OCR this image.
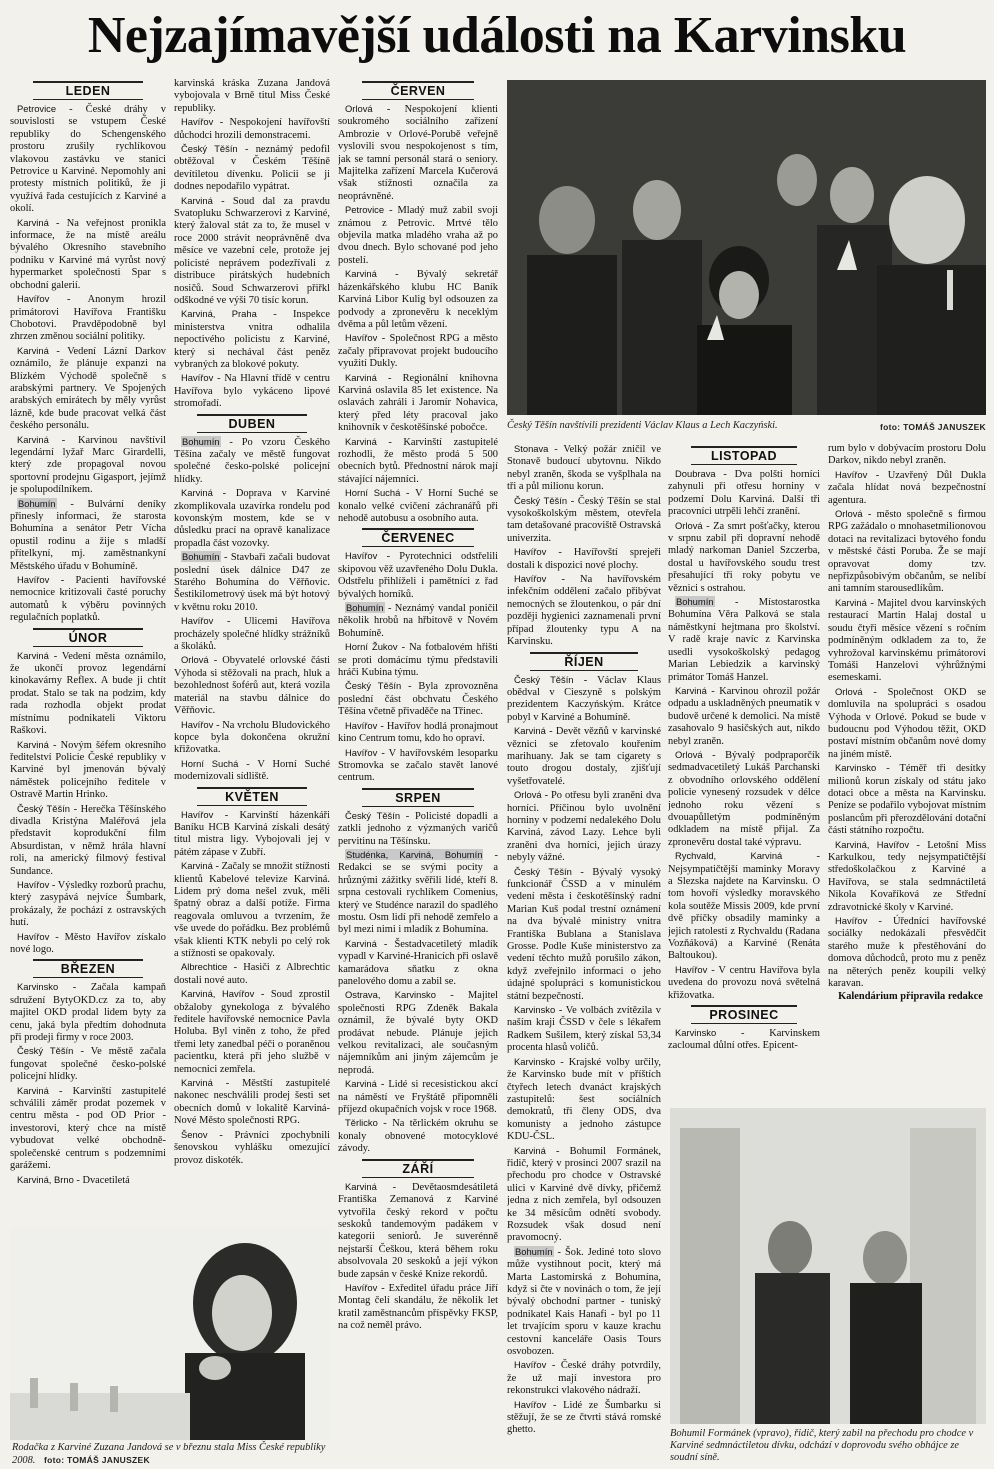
Nejzajímavější události na Karvinsku
LEDEN

Petrovice - České dráhy v souvislosti se vstupem České republiky do Schengenského prostoru zrušily rychlíkovou vlakovou zastávku ve stanici Petrovice u Karviné. Nepomohly ani protesty místních politiků, že ji využívá řada cestujících z Karviné a okolí.

Karviná - Na veřejnost pronikla informace, že na místě areálu bývalého Okresního stavebního podniku v Karviné má vyrůst nový hypermarket společnosti Spar s obchodní galerií.

Havířov - Anonym hrozil primátorovi Havířova Františku Chobotovi. Pravděpodobně byl zhrzen změnou sociální politiky.

Karviná - Vedení Lázní Darkov oznámilo, že plánuje expanzi na Blízkém Východě společně s arabskými partnery. Ve Spojených arabských emirátech by měly vyrůst lázně, kde bude pracovat velká část českého personálu.

Karviná - Karvinou navštívil legendární lyžař Marc Girardelli, který zde propagoval novou sportovní prodejnu Gigasport, jejímž je spolupodílníkem.

Bohumín - Bulvární deníky přinesly informaci, že starosta Bohumína a senátor Petr Vícha opustil rodinu a žije s mladší přítelkyní, mj. zaměstnankyní Městského úřadu v Bohumíně.

Havířov - Pacienti havířovské nemocnice kritizovali časté poruchy automatů k výběru povinných regulačních poplatků.

ÚNOR

Karviná - Vedení města oznámilo, že ukončí provoz legendární kinokavárny Reflex. A bude ji chtít prodat. Stalo se tak na podzim, kdy rada rozhodla objekt prodat místnímu podnikateli Viktoru Raškovi.

Karviná - Novým šéfem okresního ředitelství Policie České republiky v Karviné byl jmenován bývalý náměstek policejního ředitele v Ostravě Martin Hrinko.

Český Těšín - Herečka Těšínského divadla Kristýna Maléřová jela představit koprodukční film Absurdistan, v němž hrála hlavní roli, na americký filmový festival Sundance.

Havířov - Výsledky rozborů prachu, který zasypává nejvíce Šumbark, prokázaly, že pochází z ostravských hutí.

Havířov - Město Havířov získalo nové logo.

BŘEZEN

Karvinsko - Začala kampaň sdružení BytyOKD.cz za to, aby majitel OKD prodal lidem byty za cenu, jaká byla předtím dohodnuta při prodeji firmy v roce 2003.

Český Těšín - Ve městě začala fungovat společné česko-polské policejní hlídky.

Karviná - Karvinští zastupitelé schválili záměr prodat pozemek v centru města - pod OD Prior - investorovi, který chce na místě vybudovat velké obchodně-společenské centrum s podzemními garážemi.

Karviná, Brno - Dvacetiletá

karvinská kráska Zuzana Jandová vybojovala v Brně titul Miss České republiky.

Havířov - Nespokojení havířovští důchodci hrozili demonstracemi.

Český Těšín - neznámý pedofil obtěžoval v Českém Těšíně devítiletou dívenku. Policii se ji dodnes nepodařilo vypátrat.

Karviná - Soud dal za pravdu Svatopluku Schwarzerovi z Karviné, který žaloval stát za to, že musel v roce 2000 strávit neoprávněně dva měsíce ve vazební cele, protože jej policisté neprávem podezřívali z distribuce pirátských hudebních nosičů. Soud Schwarzerovi přiřkl odškodné ve výši 70 tisíc korun.

Karviná, Praha - Inspekce ministerstva vnitra odhalila nepoctivého policistu z Karviné, který si nechával část peněz vybraných za blokové pokuty.

Havířov - Na Hlavní třídě v centru Havířova bylo vykáceno lipové stromořadí.

DUBEN

Bohumín - Po vzoru Českého Těšína začaly ve městě fungovat společné česko-polské policejní hlídky.

Karviná - Doprava v Karviné zkomplikovala uzavírka rondelu pod kovonským mostem, kde se v důsledku prací na opravě kanalizace propadla část vozovky.

Bohumín - Stavbaři začali budovat poslední úsek dálnice D47 ze Starého Bohumína do Věřňovic. Šestikilometrový úsek má být hotový v květnu roku 2010.

Havířov - Ulicemi Havířova procházely společné hlídky strážníků a školáků.

Orlová - Obyvatelé orlovské části Výhoda si stěžovali na prach, hluk a bezohlednost šoférů aut, která vozila materiál na stavbu dálnice do Věřňovic.

Havířov - Na vrcholu Bludovického kopce byla dokončena okružní křižovatka.

Horní Suchá - V Horní Suché modernizovali sídliště.

KVĚTEN

Havířov - Karvinští házenkáři Baníku HCB Karviná získali desátý titul mistra ligy. Vybojovali jej v pátém zápase v Zubří.

Karviná - Začaly se množit stížnosti klientů Kabelové televize Karviná. Lidem prý doma nešel zvuk, měli špatný obraz a další potíže. Firma reagovala omluvou a tvrzením, že vše uvede do pořádku. Bez problémů však klienti KTK nebyli po celý rok a stížnosti se opakovaly.

Albrechtice - Hasiči z Albrechtic dostali nové auto.

Karviná, Havířov - Soud zprostil obžaloby gynekologa z bývalého ředitele havířovské nemocnice Pavla Holuba. Byl viněn z toho, že před třemi lety zanedbal péči o poraněnou pacientku, která při jeho službě v nemocnici zemřela.

Karviná - Městští zastupitelé nakonec neschválili prodej šesti set obecních domů v lokalitě Karviná-Nové Město společnosti RPG.

Šenov - Právníci zpochybnili šenovskou vyhlášku omezující provoz diskoték.

ČERVEN

Orlová - Nespokojení klienti soukromého sociálního zařízení Ambrozie v Orlové-Porubě veřejně vyslovili svou nespokojenost s tím, jak se tamní personál stará o seniory. Majitelka zařízení Marcela Kučerová však stížnosti označila za neoprávněné.

Petrovice - Mladý muž zabil svoji známou z Petrovic. Mrtvé tělo objevila matka mladého vraha až po dvou dnech. Bylo schované pod jeho postelí.

Karviná - Bývalý sekretář házenkářského klubu HC Baník Karviná Libor Kulig byl odsouzen za podvody a zpronevěru k neceklým dvěma a půl letům vězení.

Havířov - Společnost RPG a město začaly připravovat projekt budoucího využití Dukly.

Karviná - Regionální knihovna Karviná oslavila 85 let existence. Na oslavách zahráli i Jaromír Nohavica, který před léty pracoval jako knihovník v českotěšínské pobočce.

Karviná - Karvinští zastupitelé rozhodli, že město prodá 5 500 obecních bytů. Přednostní nárok mají stávající nájemníci.

Horní Suchá - V Horní Suché se konalo velké cvičení záchranářů při nehodě autobusu a osobního auta.

ČERVENEC

Havířov - Pyrotechnici odstřelili skipovou věž uzavřeného Dolu Dukla. Odstřelu přihlíželi i pamětníci z řad bývalých horníků.

Bohumín - Neznámý vandal poničil několik hrobů na hřbitově v Novém Bohumíně.

Horní Žukov - Na fotbalovém hřišti se proti domácímu týmu představili hráči Kubina týmu.

Český Těšín - Byla zprovozněna poslední část obchvatu Českého Těšína včetně přivaděče na Třinec.

Havířov - Havířov hodlá pronajmout kino Centrum tomu, kdo ho opraví.

Havířov - V havířovském lesoparku Stromovka se začalo stavět lanové centrum.

SRPEN

Český Těšín - Policisté dopadli a zatkli jednoho z výzmaných varičů pervitinu na Těšínsku.

Studénka, Karviná, Bohumín - Redakci se se svými pocity a hrůznými zážitky svěřili lidé, kteří 8. srpna cestovali rychlíkem Comenius, který ve Studénce narazil do spadlého mostu. Osm lidí při nehodě zemřelo a byl mezi nimi i mladík z Bohumína.

Karviná - Šestadvacetiletý mladík vypadl v Karviné-Hranicích při oslavě kamarádova sňatku z okna panelového domu a zabil se.

Ostrava, Karvinsko - Majitel společnosti RPG Zdeněk Bakala oznámil, že bývalé byty OKD prodávat nebude. Plánuje jejich velkou revitalizaci, ale současným nájemníkům ani jiným zájemcům je neprodá.

Karviná - Lidé si recesistickou akcí na náměstí ve Fryštátě připomněli příjezd okupačních vojsk v roce 1968.

Těrlicko - Na těrlickém okruhu se konaly obnovené motocyklové závody.

ZÁŘÍ

Karviná - Devětaosmdesátiletá Františka Zemanová z Karviné vytvořila český rekord v počtu seskoků tandemovým padákem v kategorii seniorů. Je suverénně nejstarší Češkou, která během roku absolvovala 20 seskoků a její výkon bude zapsán v české Knize rekordů.

Havířov - Exředitel úřadu práce Jiří Montag čelí skandálu, že několik let kratil zaměstnancům příspěvky FKSP, na což neměl právo.

Stonava - Velký požár zničil ve Stonavě budoucí ubytovnu. Nikdo nebyl zraněn, škoda se vyšplhala na tři a půl milionu korun.

Český Těšín - Český Těšín se stal vysokoškolským městem, otevřela tam detašované pracoviště Ostravská univerzita.

Havířov - Havířovští sprejeři dostali k dispozici nové plochy.

Havířov - Na havířovském infekčním oddělení začalo přibývat nemocných se žloutenkou, o pár dní později hygienici zaznamenali první případ žloutenky typu A na Karvinsku.

ŘÍJEN

Český Těšín - Václav Klaus obědval v Cieszyně s polským prezidentem Kaczyńským. Krátce pobyl v Karviné a Bohumíně.

Karviná - Devět vězňů v karvinské věznici se zfetovalo kouřením marihuany. Jak se tam cigarety s touto drogou dostaly, zjišťují vyšetřovatelé.

Orlová - Po otřesu byli zraněni dva horníci. Příčinou bylo uvolnění horniny v podzemí nedalekého Dolu Karviná, závod Lazy. Lehce byli zraněni dva horníci, jejich úrazy nebyly vážné.

Český Těšín - Bývalý vysoký funkcionář ČSSD a v minulém vedení města i českotěšínský radní Marian Kuš podal trestní oznámení na dva bývalé ministry vnitra Františka Bublana a Stanislava Grosse. Podle Kuše ministerstvo za vedení těchto mužů porušilo zákon, když zveřejnilo informaci o jeho údajné spolupráci s komunistickou státní bezpečností.

Karvinsko - Ve volbách zvítězila v naším kraji ČSSD v čele s lékařem Radkem Sušilem, který získal 53,34 procenta hlasů voličů.

Karvinsko - Krajské volby určily, že Karvinsko bude mít v příštích čtyřech letech dvanáct krajských zastupitelů: šest sociálních demokratů, tři členy ODS, dva komunisty a jednoho zástupce KDU-ČSL.

Karviná - Bohumil Formánek, řidič, který v prosinci 2007 srazil na přechodu pro chodce v Ostravské ulici v Karviné dvě dívky, přičemž jedna z nich zemřela, byl odsouzen ke 34 měsícům odnětí svobody. Rozsudek však dosud není pravomocný.

Bohumín - Šok. Jediné toto slovo může vystihnout pocit, který má Marta Lastomirská z Bohumína, když si čte v novinách o tom, že její bývalý obchodní partner - tuniský podnikatel Kais Hanafi - byl po 11 let trvajícím sporu v kauze krachu cestovní kanceláře Oasis Tours osvobozen.

Havířov - České dráhy potvrdily, že už mají investora pro rekonstrukci vlakového nádraží.

Havířov - Lidé ze Šumbarku si stěžují, že se ze čtvrti stává romské ghetto.

LISTOPAD

Doubrava - Dva polští horníci zahynuli při otřesu horniny v podzemí Dolu Karviná. Další tři pracovníci utrpěli lehčí zranění.

Orlová - Za smrt pošťačky, kterou v srpnu zabil při dopravní nehodě mladý narkoman Daniel Szczerba, dostal u havířovského soudu trest přesahující tři roky pobytu ve věznici s ostrahou.

Bohumín - Místostarostka Bohumína Věra Palková se stala náměstkyní hejtmana pro školství. V radě kraje navíc z Karvinska usedli vysokoškolský pedagog Marian Lebiedzik a karvinský primátor Tomáš Hanzel.

Karviná - Karvinou ohrozil požár odpadu a uskladněných pneumatik v budově určené k demolici. Na místě zasahovalo 9 hasičských aut, nikdo nebyl zraněn.

Orlová - Bývalý podpraporčík sedmadvacetiletý Lukáš Parchanski z obvodního orlovského oddělení policie vynesený rozsudek v délce jednoho roku vězení s dvouapůlletým podmíněným odkladem na místě přijal. Za zpronevěru dostal také výpravu.

Rychvald, Karviná - Nejsympatičtější maminky Moravy a Slezska najdete na Karvinsku. O tom hovoří výsledky moravského kola soutěže Missis 2009, kde první dvě příčky obsadily maminky a jejich ratolesti z Rychvaldu (Radana Vozňáková) a Karviné (Renáta Baltoukou).

Havířov - V centru Havířova byla uvedena do provozu nová světelná křižovatka.

PROSINEC

Karvinsko - Karvinskem zacloumal důlní otřes. Epicent-

rum bylo v dobývacím prostoru Dolu Darkov, nikdo nebyl zraněn.

Havířov - Uzavřený Důl Dukla začala hlídat nová bezpečnostní agentura.

Orlová - město společně s firmou RPG zažádalo o mnohasetmilionovou dotaci na revitalizaci bytového fondu v městské části Poruba. Že se mají opravovat domy tzv. nepřizpůsobivým občanům, se nelíbí ani tamním starousedlíkům.

Karviná - Majitel dvou karvinských restaurací Martin Halaj dostal u soudu čtyři měsíce vězení s ročním podmíněným odkladem za to, že vyhrožoval karvinskému primátorovi Tomáši Hanzelovi výhrůžnými esemeskami.

Orlová - Společnost OKD se domluvila na spolupráci s osadou Výhoda v Orlové. Pokud se bude v budoucnu pod Výhodou těžit, OKD postaví místním občanům nové domy na jiném místě.

Karvinsko - Téměř tři desítky milionů korun získaly od státu jako dotaci obce a města na Karvinsku. Peníze se podařilo vybojovat místním poslancům při přerozdělování dotační části státního rozpočtu.

Karviná, Havířov - Letošní Miss Karkulkou, tedy nejsympatičtější středoškolačkou z Karviné a Havířova, se stala sedmnáctiletá Nikola Kovaříková ze Střední zdravotnické školy v Karviné.

Havířov - Úředníci havířovské sociálky nedokázali přesvědčit starého muže k přestěhování do domova důchodců, proto mu z peněz na něterých peněz koupili velký karavan.

Kalendárium připravila redakce

Český Těšín navštívili prezidenti Václav Klaus a Lech Kaczyński.	foto: TOMÁŠ JANUSZEK
Rodačka z Karviné Zuzana Jandová se v březnu stala Miss České republiky 2008. foto: TOMÁŠ JANUSZEK
Bohumil Formánek (vpravo), řidič, který zabil na přechodu pro chodce v Karviné sedmnáctiletou dívku, odchází v doprovodu svého obhájce ze soudní síně.
